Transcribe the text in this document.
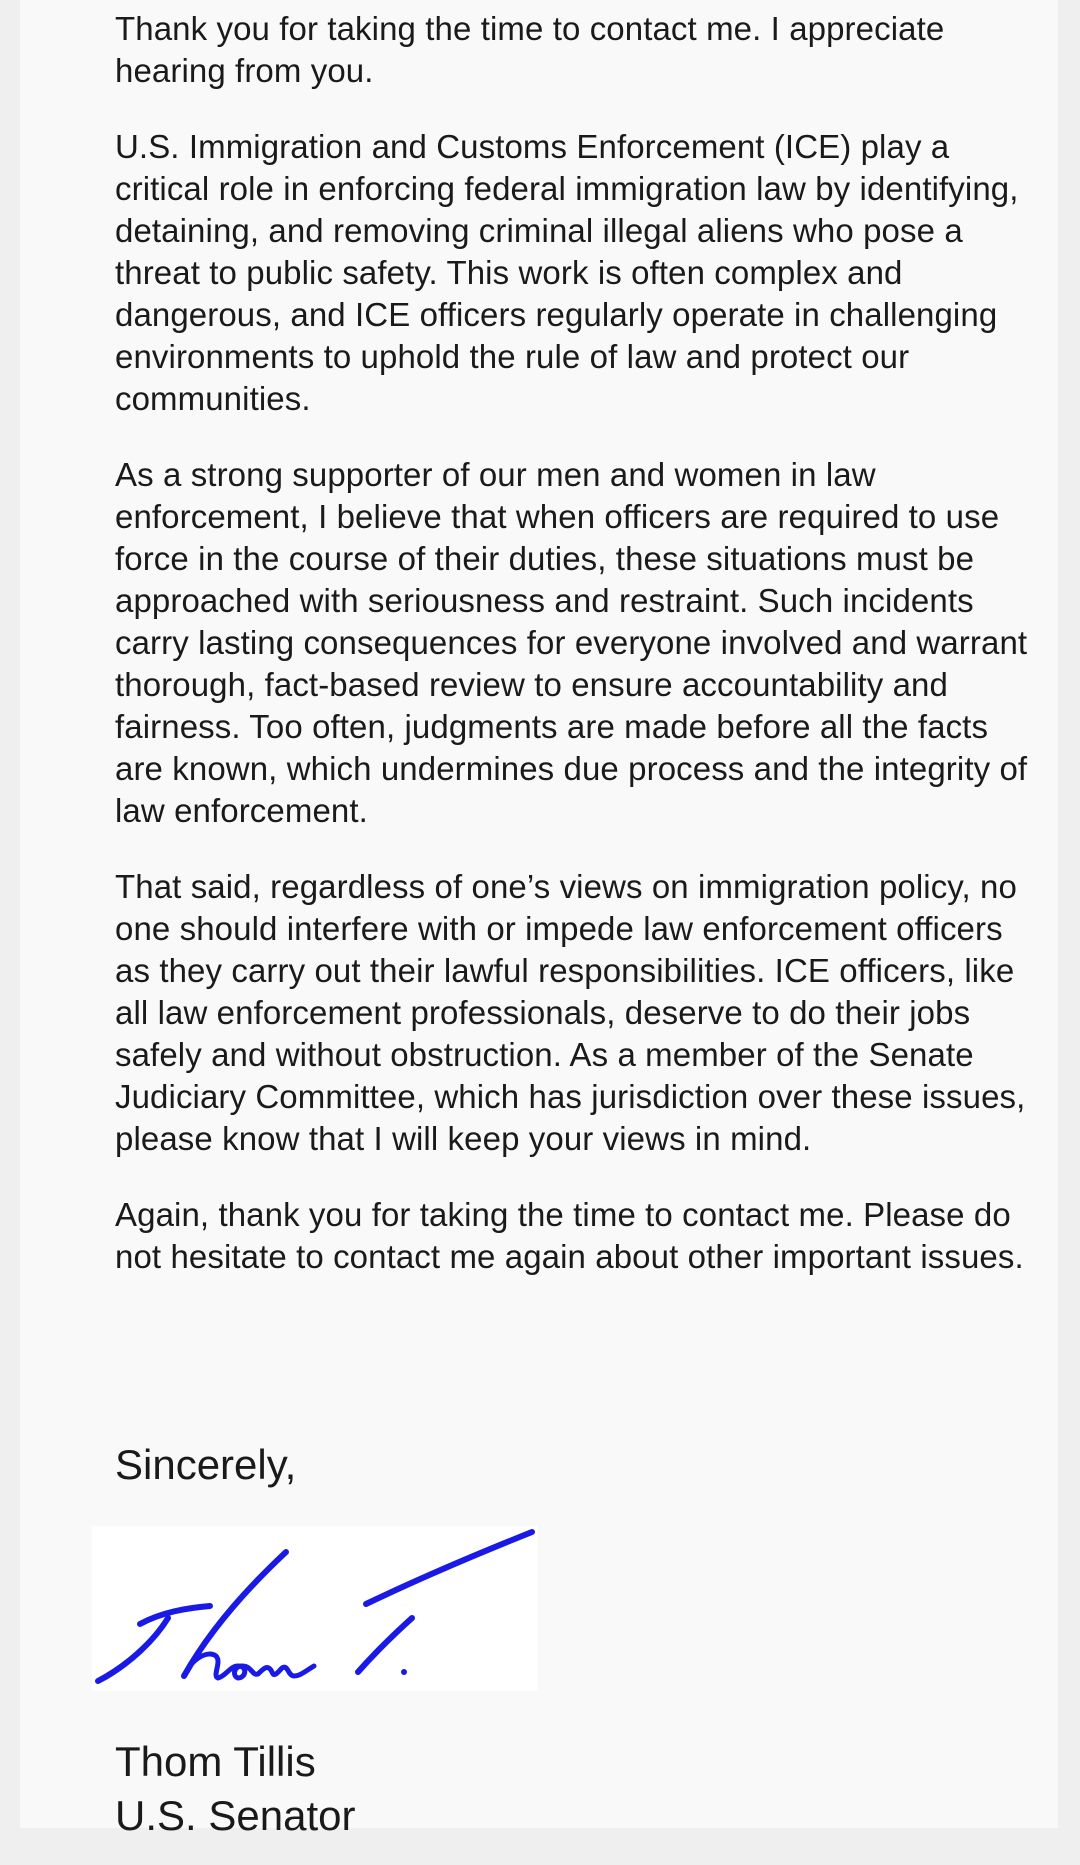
Thank you for taking the time to contact me. I appreciate hearing from you.

U.S. Immigration and Customs Enforcement (ICE) play a critical role in enforcing federal immigration law by identifying, detaining, and removing criminal illegal aliens who pose a threat to public safety. This work is often complex and dangerous, and ICE officers regularly operate in challenging environments to uphold the rule of law and protect our communities.

As a strong supporter of our men and women in law enforcement, I believe that when officers are required to use force in the course of their duties, these situations must be approached with seriousness and restraint. Such incidents carry lasting consequences for everyone involved and warrant thorough, fact-based review to ensure accountability and fairness. Too often, judgments are made before all the facts are known, which undermines due process and the integrity of law enforcement.

That said, regardless of one’s views on immigration policy, no one should interfere with or impede law enforcement officers as they carry out their lawful responsibilities. ICE officers, like all law enforcement professionals, deserve to do their jobs safely and without obstruction. As a member of the Senate Judiciary Committee, which has jurisdiction over these issues, please know that I will keep your views in mind.

Again, thank you for taking the time to contact me. Please do not hesitate to contact me again about other important issues.

Sincerely,
Thom Tillis
U.S. Senator
